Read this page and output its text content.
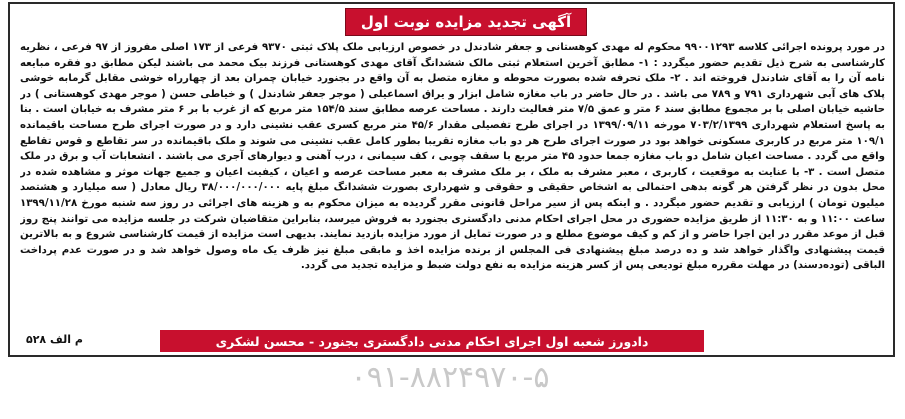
آگهی تجدید مزایده نوبت اول
در مورد پرونده اجرائی کلاسه ۹۹۰۰۱۲۹۳ محکوم له مهدی کوهستانی و جعفر شادندل در خصوص ارزیابی ملک پلاک ثبتی ۹۳۷۰ فرعی از ۱۷۳ اصلی مفروز از ۹۷ فرعی ، نظریه کارشناسی به شرح ذیل تقدیم حضور میگردد : ۱- مطابق آخرین استعلام ثبتی مالک ششدانگ آقای مهدی کوهستانی فرزند بیک محمد می باشند لیکن مطابق دو فقره مبایعه نامه آن را به آقای شادندل فروخته اند . ۲- ملک تحرفه شده بصورت محوطه و مغازه متصل به آن واقع در بجنورد خیابان چمران بعد از چهارراه خوشی مقابل گرمابه خوشی پلاک های آبی شهرداری ۷۹۱ و ۷۸۹ می باشد . در حال حاضر در باب مغازه شامل ابزار و یراق اسماعیلی ( موجر جعفر شادندل ) و خیاطی حسن ( موجر مهدی کوهستانی ) در حاشیه خیابان اصلی با بر مجموع مطابق سند ۶ متر و عمق ۷/۵ متر فعالیت دارند . مساحت عرصه مطابق سند ۱۵۴/۵ متر مربع که از غرب با بر ۶ متر مشرف به خیابان است . بنا به پاسخ استعلام شهرداری ۷۰۳/۲/۱۳۹۹ مورخه ۱۳۹۹/۰۹/۱۱ در اجرای طرح تفصیلی مقدار ۴۵/۶ متر مربع کسری عقب نشینی دارد و در صورت اجرای طرح مساحت باقیمانده ۱۰۹/۱ متر مربع در کاربری مسکونی خواهد بود در صورت اجرای طرح هر دو باب مغازه تقریبا بطور کامل عقب نشینی می شوند و ملک باقیمانده در سر تقاطع و قوس تقاطع واقع می گردد . مساحت اعیان شامل دو باب مغازه جمعا حدود ۴۵ متر مربع با سقف چوبی ، کف سیمانی ، درب آهنی و دیوارهای آجری می باشند . انشعابات آب و برق در ملک متصل است . ۳- با عنایت به موقعیت ، کاربری ، معبر مشرف به ملک ، بر ملک مشرف به معبر مساحت عرصه و اعیان ، کیفیت اعیان و جمیع جهات موثر و مشاهده شده در محل بدون در نظر گرفتن هر گونه بدهی احتمالی به اشخاص حقیقی و حقوقی و شهرداری بصورت ششدانگ مبلغ پایه ۳۸/۰۰۰/۰۰۰/۰۰۰ ریال معادل ( سه میلیارد و هشتصد میلیون تومان ) ارزیابی و تقدیم حضور میگردد . و اینکه پس از سیر مراحل قانونی مقرر گردیده به میزان محکوم به و هزینه های اجرائی در روز سه شنبه مورخ ۱۳۹۹/۱۱/۲۸ ساعت ۱۱:۰۰ و به ۱۱:۳۰ از طریق مزایده حضوری در محل اجرای احکام مدنی دادگستری بجنورد به فروش میرسد، بنابراین متقاضیان شرکت در جلسه مزایده می توانند پنج روز قبل از موعد مقرر در این اجرا حاضر و از کم و کیف موضوع مطلع و در صورت تمایل از مورد مزایده بازدید نمایند. بدیهی است مزایده از قیمت کارشناسی شروع و به بالاترین قیمت پیشنهادی واگذار خواهد شد و ده درصد مبلغ پیشنهادی فی المجلس از برنده مزایده اخذ و مابقی مبلغ نیز ظرف یک ماه وصول خواهد شد و در صورت عدم پرداخت الباقی (توده‌دسند) در مهلت مقرره مبلغ تودیعی پس از کسر هزینه مزایده به نفع دولت ضبط و مزایده تجدید می گردد.
م الف ۵۲۸	دادورز شعبه اول اجرای احکام مدنی دادگستری بجنورد - محسن لشکری
۰۹۱-۸۸۲۴۹۷۰-۵
